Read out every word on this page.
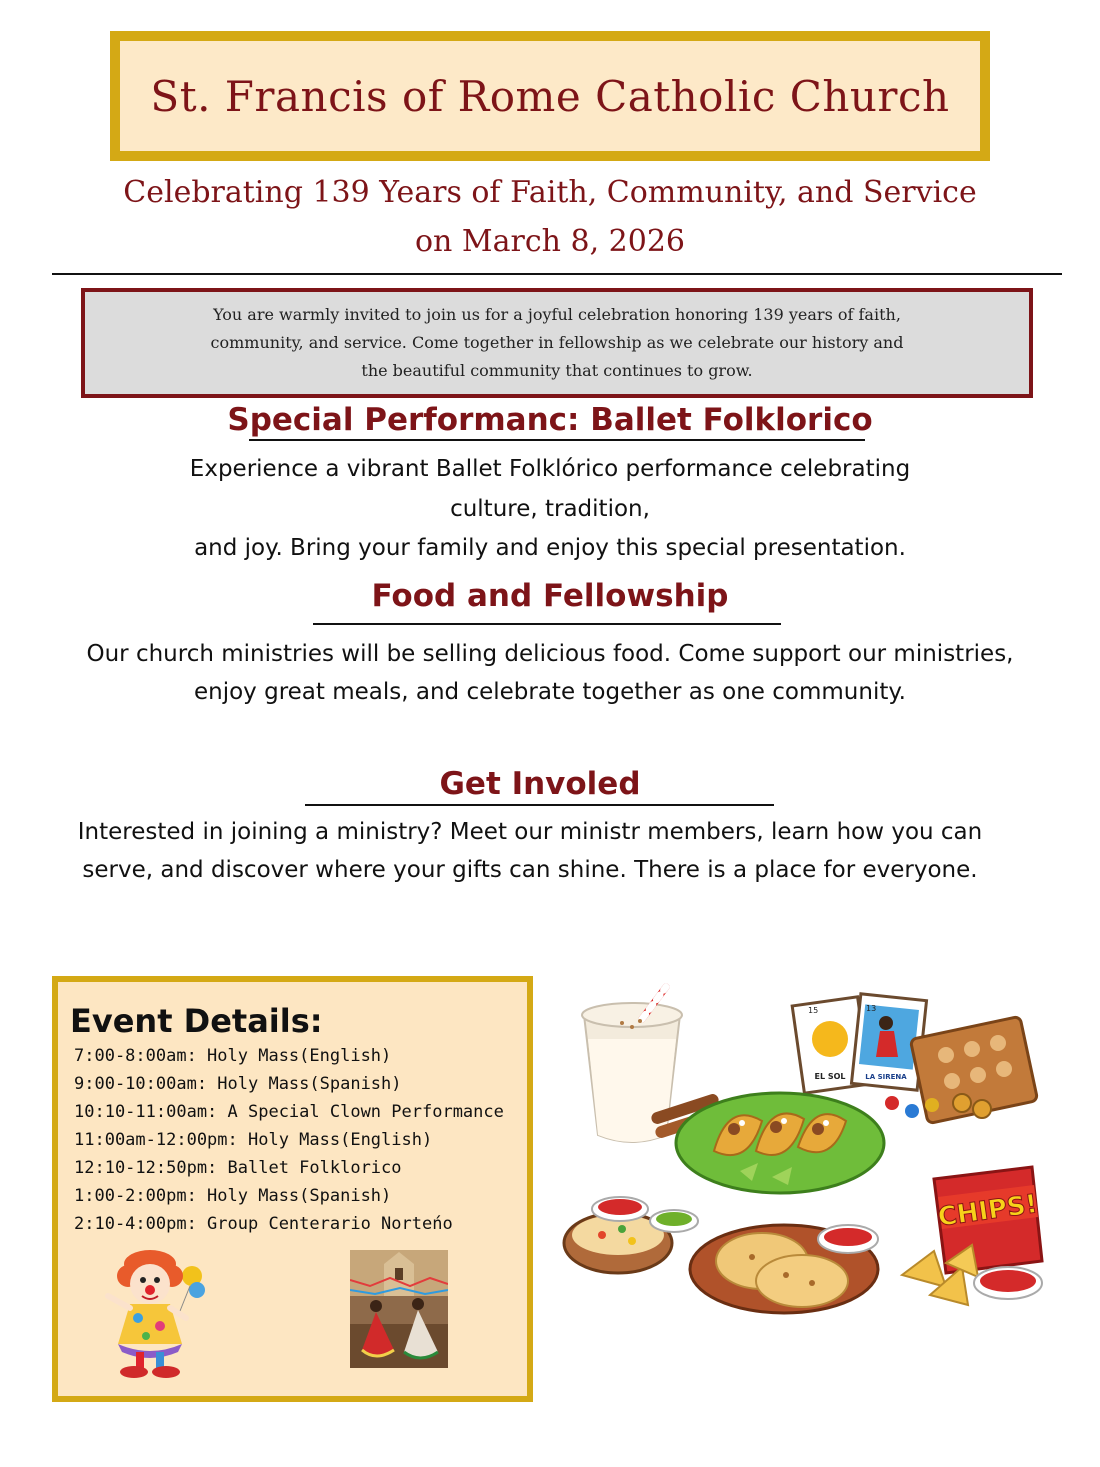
St. Francis of Rome Catholic Church
Celebrating 139 Years of Faith, Community, and Service
on March 8, 2026

You are warmly invited to join us for a joyful celebration honoring 139 years of faith,
community, and service. Come together in fellowship as we celebrate our history and
the beautiful community that continues to grow.

Special Performanc: Ballet Folklorico
Experience a vibrant Ballet Folklórico performance celebrating
culture, tradition,
and joy. Bring your family and enjoy this special presentation.
Food and Fellowship
Our church ministries will be selling delicious food. Come support our ministries,
enjoy great meals, and celebrate together as one community.
Get Involed
Interested in joining a ministry? Meet our ministr members, learn how you can
serve, and discover where your gifts can shine. There is a place for everyone.
Event Details:
7:00-8:00am: Holy Mass(English)
9:00-10:00am: Holy Mass(Spanish)
10:10-11:00am: A Special Clown Performance
11:00am-12:00pm: Holy Mass(English)
12:10-12:50pm: Ballet Folklorico
1:00-2:00pm: Holy Mass(Spanish)
2:10-4:00pm: Group Centerario Norteńo
EL SOL
15
LA SIRENA
13
CHIPS!
